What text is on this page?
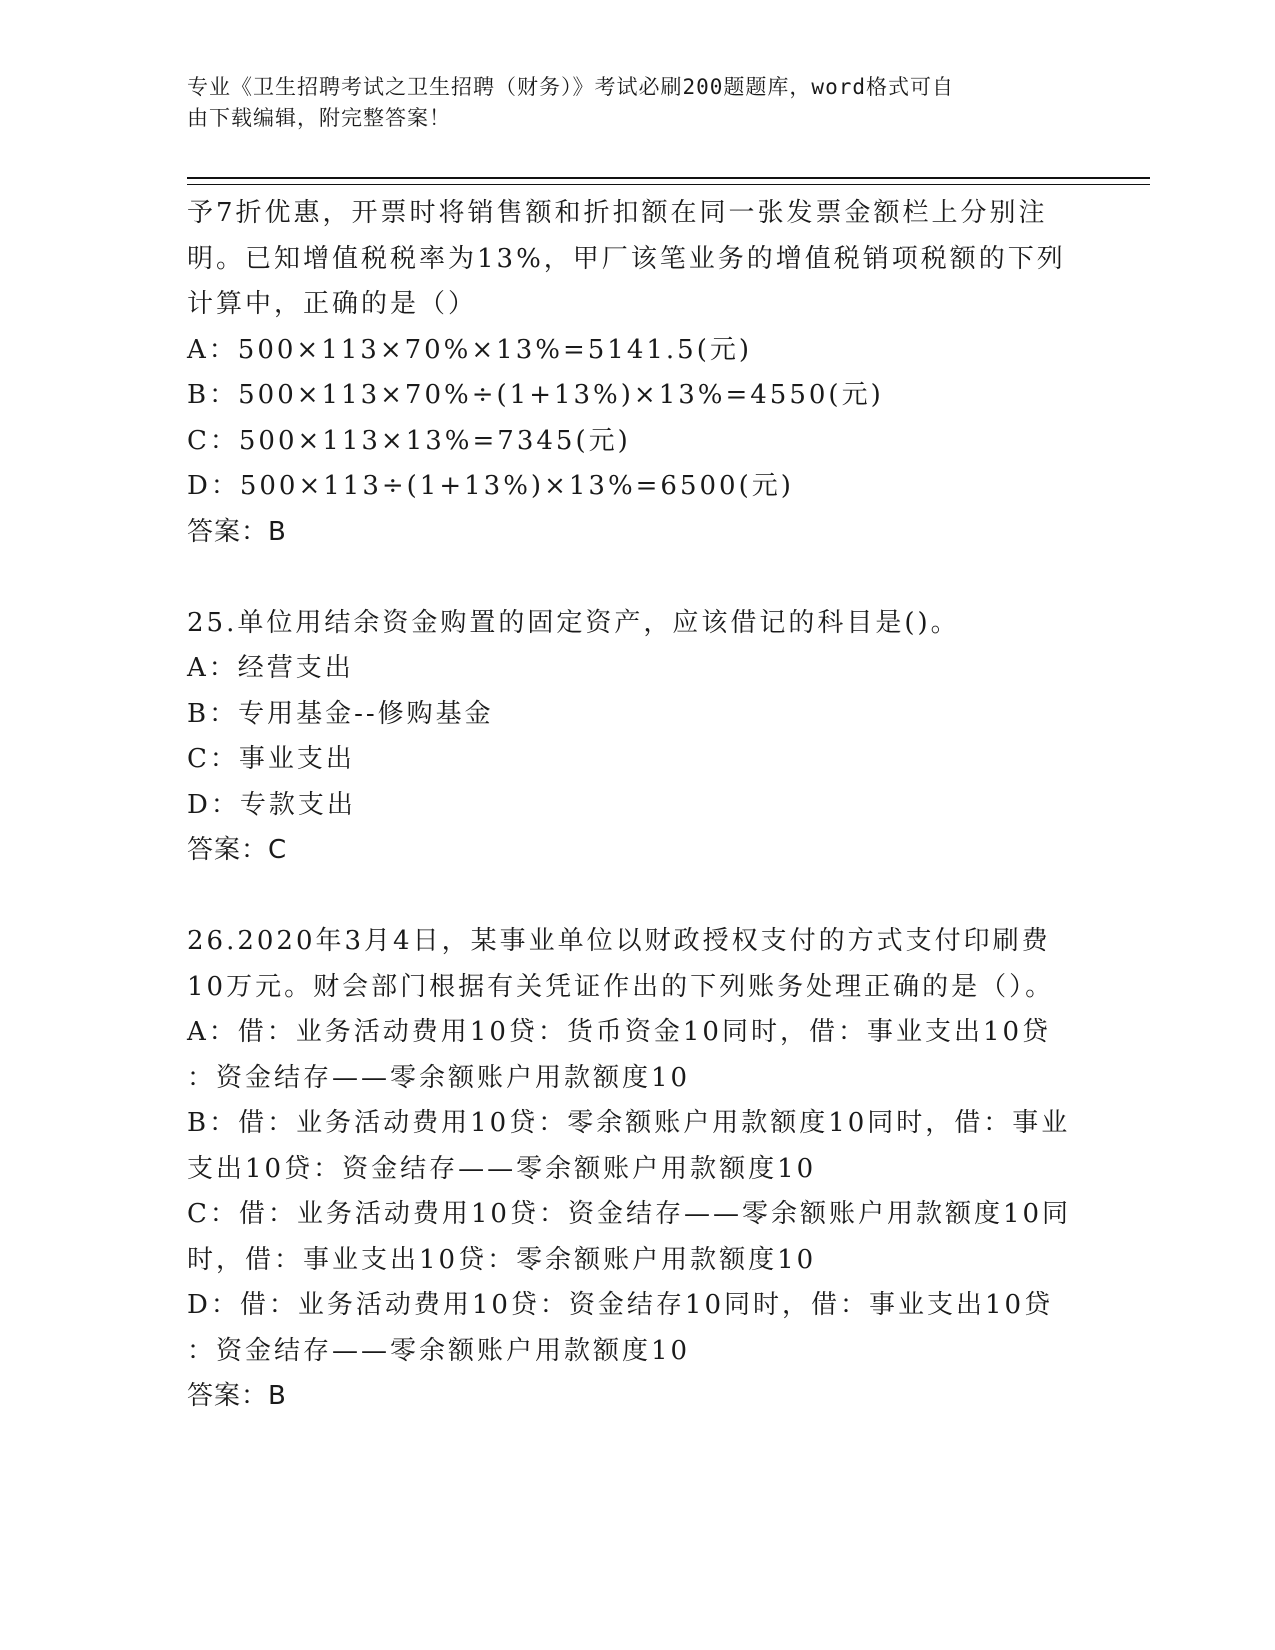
专业《卫生招聘考试之卫生招聘（财务）》考试必刷200题题库，word格式可自
由下载编辑，附完整答案！
予7折优惠，开票时将销售额和折扣额在同一张发票金额栏上分别注
明。已知增值税税率为13%，甲厂该笔业务的增值税销项税额的下列
计算中，正确的是（）
A：500×113×70%×13%=5141.5(元)
B：500×113×70%÷(1+13%)×13%=4550(元)
C：500×113×13%=7345(元)
D：500×113÷(1+13%)×13%=6500(元)
答案：B
25.单位用结余资金购置的固定资产，应该借记的科目是()。
A：经营支出
B：专用基金--修购基金
C：事业支出
D：专款支出
答案：C
26.2020年3月4日，某事业单位以财政授权支付的方式支付印刷费
10万元。财会部门根据有关凭证作出的下列账务处理正确的是（）。
A：借：业务活动费用10贷：货币资金10同时，借：事业支出10贷
：资金结存——零余额账户用款额度10
B：借：业务活动费用10贷：零余额账户用款额度10同时，借：事业
支出10贷：资金结存——零余额账户用款额度10
C：借：业务活动费用10贷：资金结存——零余额账户用款额度10同
时，借：事业支出10贷：零余额账户用款额度10
D：借：业务活动费用10贷：资金结存10同时，借：事业支出10贷
：资金结存——零余额账户用款额度10
答案：B
